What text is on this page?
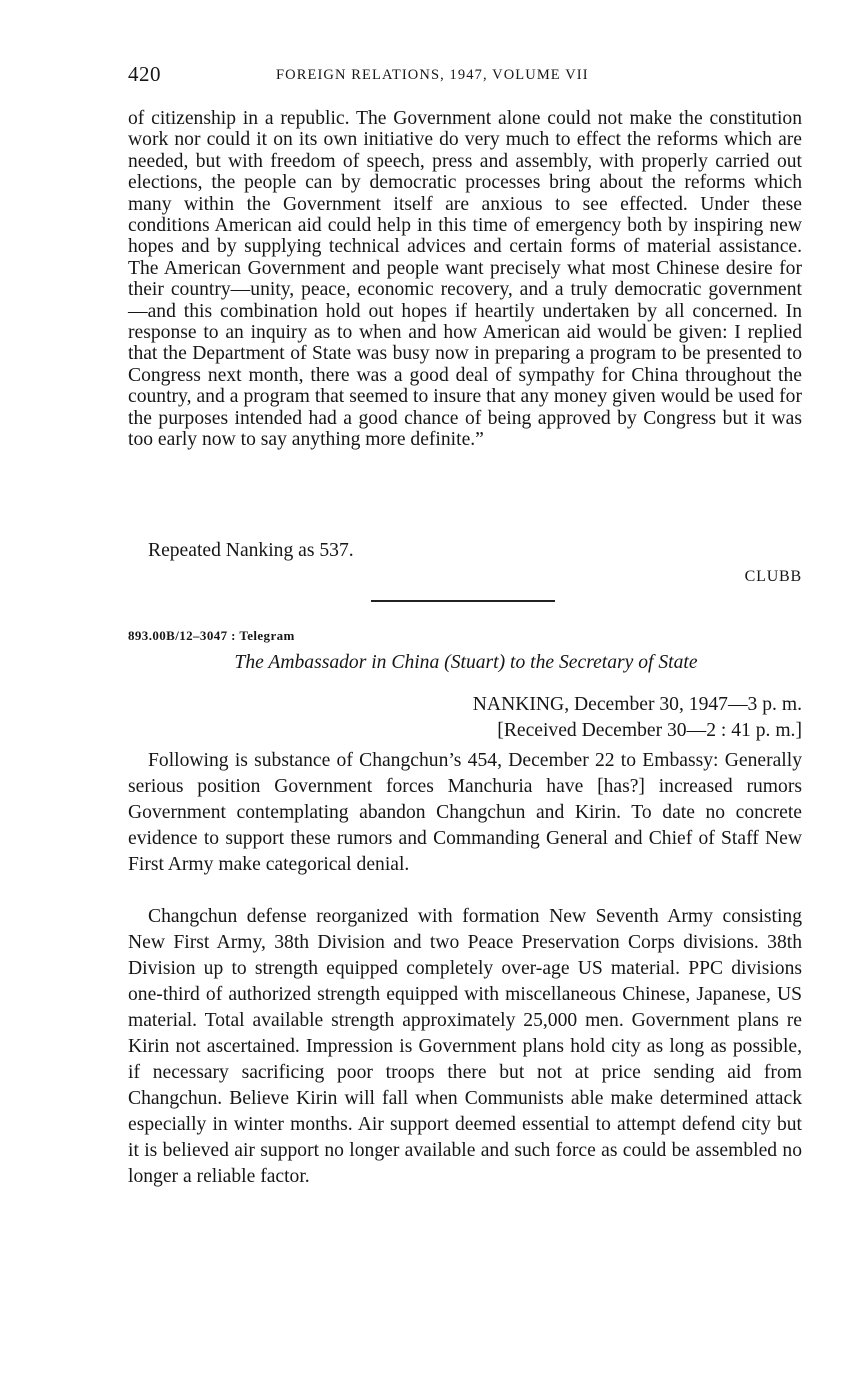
420	FOREIGN RELATIONS, 1947, VOLUME VII

of citizenship in a republic. The Government alone could not make the constitution work nor could it on its own initiative do very much to effect the reforms which are needed, but with freedom of speech, press and assembly, with properly carried out elections, the people can by democratic processes bring about the reforms which many within the Government itself are anxious to see effected. Under these conditions American aid could help in this time of emergency both by inspiring new hopes and by supplying technical advices and certain forms of material assistance. The American Government and people want precisely what most Chinese desire for their country—unity, peace, economic recovery, and a truly democratic government—and this combination hold out hopes if heartily undertaken by all concerned. In response to an inquiry as to when and how American aid would be given: I replied that the Department of State was busy now in preparing a program to be presented to Congress next month, there was a good deal of sympathy for China throughout the country, and a program that seemed to insure that any money given would be used for the purposes intended had a good chance of being approved by Congress but it was too early now to say anything more definite.”

Repeated Nanking as 537.
CLUBB
893.00B/12–3047 : Telegram
The Ambassador in China (Stuart) to the Secretary of State
NANKING, December 30, 1947—3 p. m.
[Received December 30—2 : 41 p. m.]

Following is substance of Changchun’s 454, December 22 to Embassy: Generally serious position Government forces Manchuria have [has?] increased rumors Government contemplating abandon Changchun and Kirin. To date no concrete evidence to support these rumors and Commanding General and Chief of Staff New First Army make categorical denial.

Changchun defense reorganized with formation New Seventh Army consisting New First Army, 38th Division and two Peace Preservation Corps divisions. 38th Division up to strength equipped completely over-age US material. PPC divisions one-third of authorized strength equipped with miscellaneous Chinese, Japanese, US material. Total available strength approximately 25,000 men. Government plans re Kirin not ascertained. Impression is Government plans hold city as long as possible, if necessary sacrificing poor troops there but not at price sending aid from Changchun. Believe Kirin will fall when Communists able make determined attack especially in winter months. Air support deemed essential to attempt defend city but it is believed air support no longer available and such force as could be assembled no longer a reliable factor.
